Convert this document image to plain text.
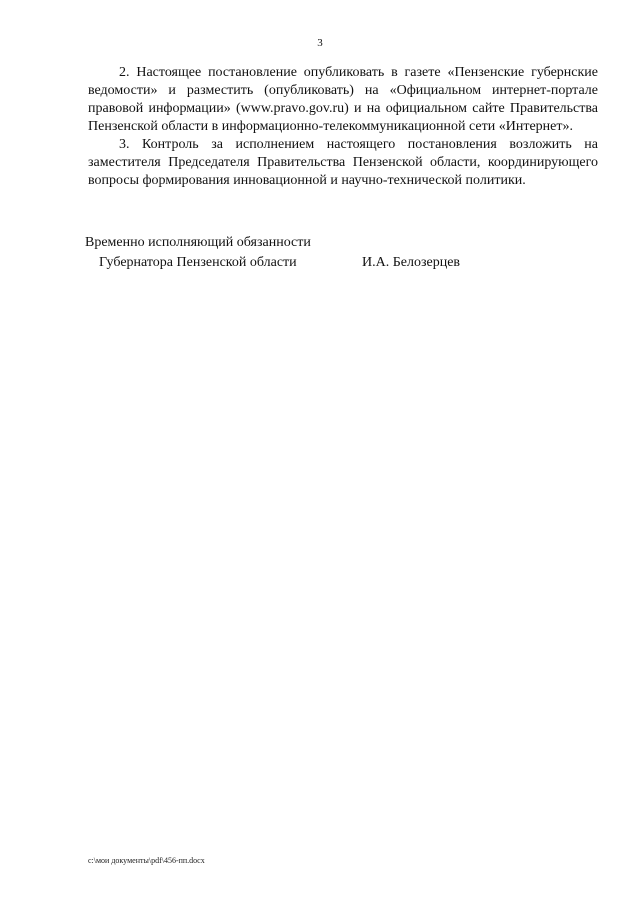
3

2. Настоящее постановление опубликовать в газете «Пензенские губернские ведомости» и разместить (опубликовать) на «Официальном интернет-портале правовой информации» (www.pravo.gov.ru) и на официальном сайте Правительства Пензенской области в информационно-телекоммуникационной сети «Интернет».

3. Контроль за исполнением настоящего постановления возложить на заместителя Председателя Правительства Пензенской области, координирующего вопросы формирования инновационной и научно-технической политики.

Временно исполняющий обязанности
Губернатора Пензенской области	И.А. Белозерцев
c:\мои документы\pdf\456-пп.docx
